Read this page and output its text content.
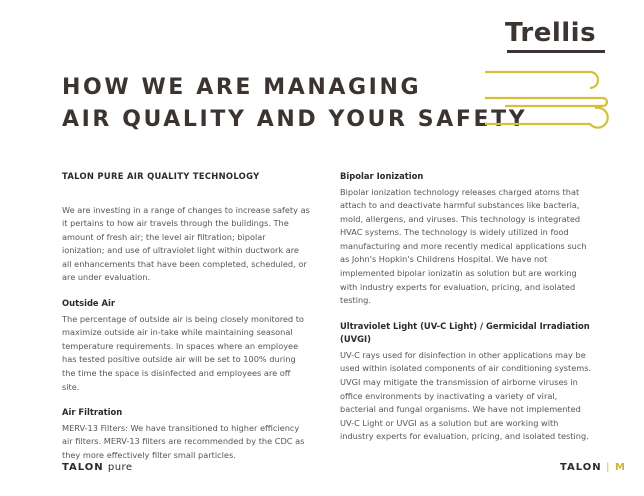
Trellis
HOW WE ARE MANAGING
AIR QUALITY AND YOUR SAFETY

TALON PURE AIR QUALITY TECHNOLOGY

We are investing in a range of changes to increase safety as it pertains to how air travels through the buildings. The amount of fresh air; the level air filtration; bipolar ionization; and use of ultraviolet light within ductwork are all enhancements that have been completed, scheduled, or are under evaluation.

Outside Air

The percentage of outside air is being closely monitored to maximize outside air in-take while maintaining seasonal temperature requirements. In spaces where an employee has tested positive outside air will be set to 100% during the time the space is disinfected and employees are off site.

Air Filtration

MERV-13 Filters: We have transitioned to higher efficiency air filters. MERV-13 filters are recommended by the CDC as they more effectively filter small particles.

Bipolar Ionization

Bipolar ionization technology releases charged atoms that attach to and deactivate harmful substances like bacteria, mold, allergens, and viruses. This technology is integrated HVAC systems. The technology is widely utilized in food manufacturing and more recently medical applications such as John's Hopkin's Childrens Hospital. We have not implemented bipolar ionizatin as solution but are working with industry experts for evaluation, pricing, and isolated testing.

Ultraviolet Light (UV-C Light) / Germicidal Irradiation (UVGI)

UV-C rays used for disinfection in other applications may be used within isolated components of air conditioning systems. UVGI may mitigate the transmission of airborne viruses in office environments by inactivating a variety of viral, bacterial and fungal organisms. We have not implemented UV-C Light or UVGI as a solution but are working with industry experts for evaluation, pricing, and isolated testing.

TALON pure	TALON | M
